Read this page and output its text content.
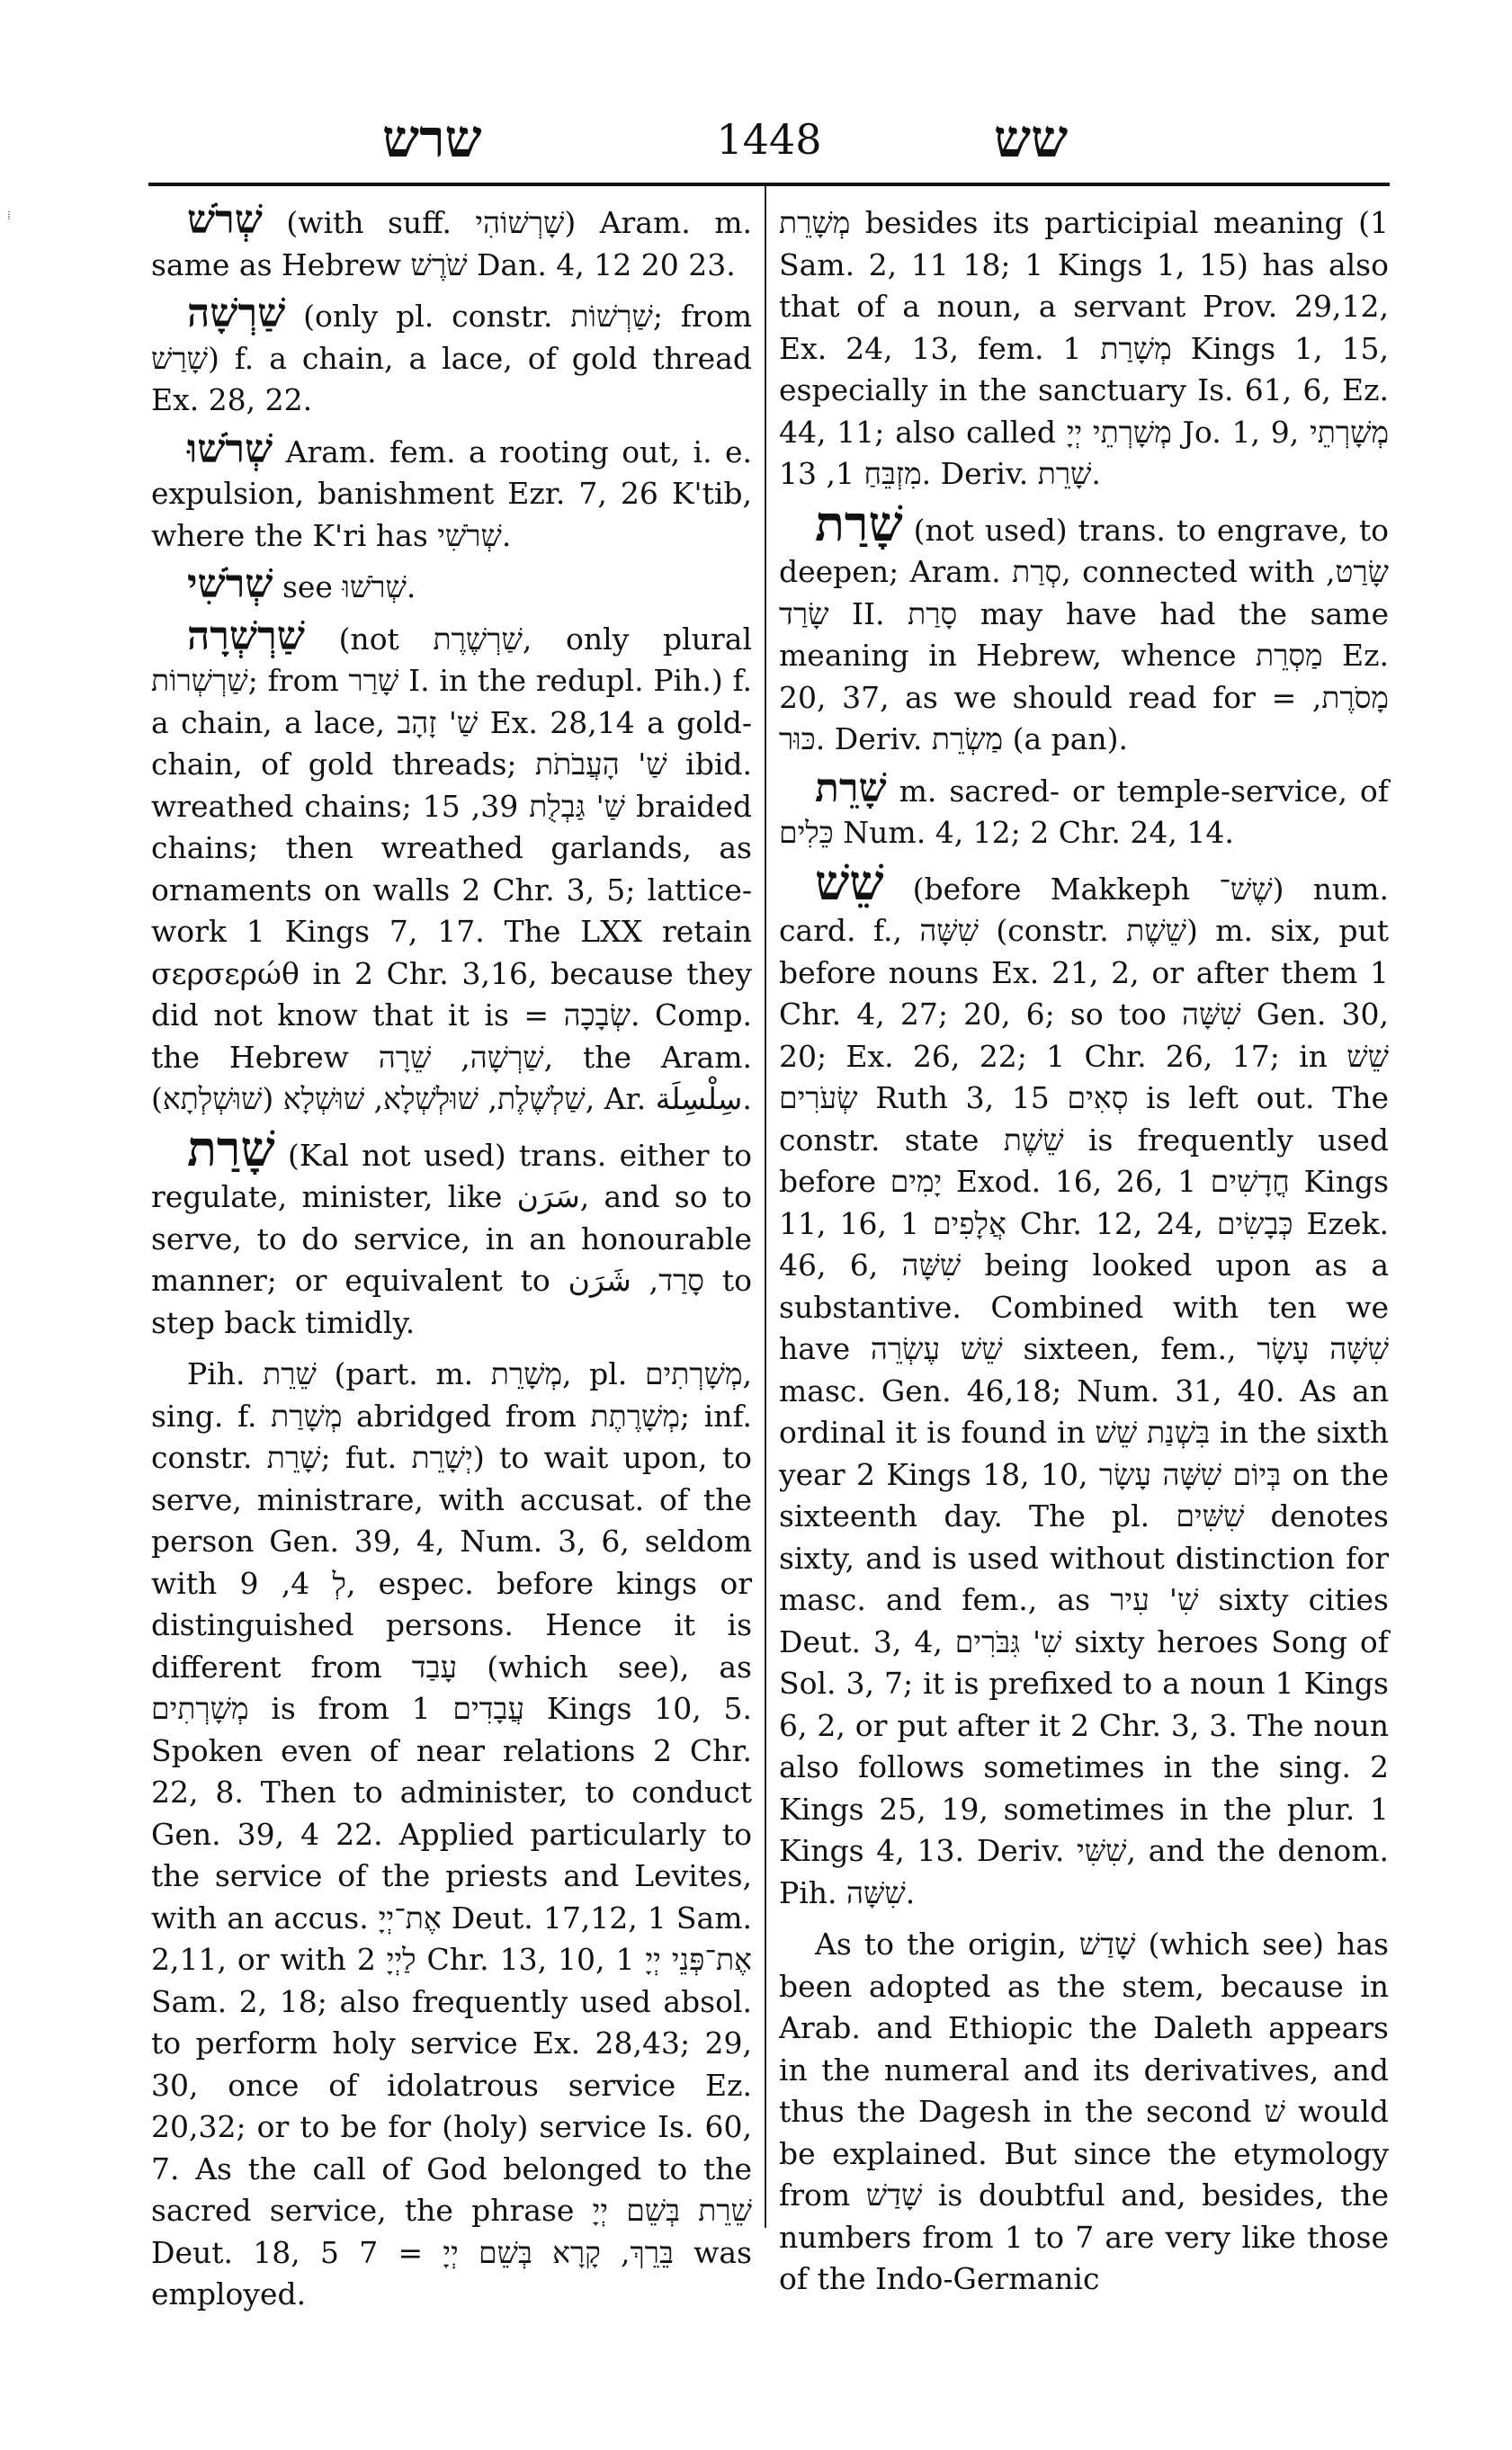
שרש	1448	שש
⁞	שְׁרֹשׁ (with suff. שָׁרְשׁוֹהִי) Aram. m. same as Hebrew שֹׁרֶשׁ Dan. 4, 12 20 23.

שַׁרְשָׁה (only pl. constr. שַׁרְשׁוֹת; from שָׁרַשׁ) f. a chain, a lace, of gold thread Ex. 28, 22.

שְׁרֹשׁוּ Aram. fem. a rooting out, i. e. expulsion, banishment Ezr. 7, 26 K'tib, where the K'ri has שְׁרֹשִׁי.

שְׁרֹשִׁי see שְׁרֹשׁוּ.

שַׁרְשְׁרָה (not שַׁרְשֶׁרֶת, only plural שַׁרְשְׁרוֹת; from שָׁרַר I. in the redupl. Pih.) f. a chain, a lace, שַׁ' זָהָב Ex. 28,14 a gold-chain, of gold threads; שַׁ' הָעֲבֹתֹת ibid. wreathed chains; שַׁ' גַּבְלֻת 39, 15 braided chains; then wreathed garlands, as ornaments on walls 2 Chr. 3, 5; lattice-work 1 Kings 7, 17. The LXX retain σερσερώθ in 2 Chr. 3,16, because they did not know that it is = שְׂבָכָה. Comp. the Hebrew שַׁרְשָׁה, שֵׁרָה, the Aram. שַׁלְשֶׁלֶת, שׁוּלְשְׁלָא, שׁוּשְׁלָא (שׁוּשְׁלְתָא), Ar. سِلْسِلَة.

שָׁרַת (Kal not used) trans. either to regulate, minister, like سَرَن, and so to serve, to do service, in an honourable manner; or equivalent to סָרַד, شَرَن to step back timidly.

Pih. שֵׁרֵת (part. m. מְשָׁרֵת, pl. מְשָׁרְתִים, sing. f. מְשָׁרַת abridged from מְשָׁרֶתֶת; inf. constr. שָׁרֵת; fut. יְשָׁרֵת) to wait upon, to serve, ministrare, with accusat. of the person Gen. 39, 4, Num. 3, 6, seldom with לְ 4, 9, espec. before kings or distinguished persons. Hence it is different from עָבַד (which see), as מְשָׁרְתִים is from עֲבָדִים 1 Kings 10, 5. Spoken even of near relations 2 Chr. 22, 8. Then to administer, to conduct Gen. 39, 4 22. Applied particularly to the service of the priests and Levites, with an accus. אֶת־יְיָ Deut. 17,12, 1 Sam. 2,11, or with לַיְיָ 2 Chr. 13, 10, אֶת־פְּנֵי יְיָ 1 Sam. 2, 18; also frequently used absol. to perform holy service Ex. 28,43; 29, 30, once of idolatrous service Ez. 20,32; or to be for (holy) service Is. 60, 7. As the call of God belonged to the sacred service, the phrase שֵׁרֵת בְּשֵׁם יְיָ Deut. 18, 5 7 = בֵּרֵךְ, קָרָא בְּשֵׁם יְיָ was employed.

מְשָׁרֵת besides its participial meaning (1 Sam. 2, 11 18; 1 Kings 1, 15) has also that of a noun, a servant Prov. 29,12, Ex. 24, 13, fem. מְשָׁרַת 1 Kings 1, 15, especially in the sanctuary Is. 61, 6, Ez. 44, 11; also called מְשָׁרְתֵי יְיָ Jo. 1, 9, מְשָׁרְתֵי מִזְבֵּחַ 1, 13. Deriv. שָׁרֵת.

שָׁרַת (not used) trans. to engrave, to deepen; Aram. סְרַת, connected with שָׂרַט, שָׂרַד II. סָרַת may have had the same meaning in Hebrew, whence מַסְרֵת Ez. 20, 37, as we should read for מָסֹרֶת, = כּוּר. Deriv. מַשְׂרֵת (a pan).

שָׁרֵת m. sacred- or temple-service, of כֵּלִים Num. 4, 12; 2 Chr. 24, 14.

שֵׁשׁ (before Makkeph שֶׁשׁ־) num. card. f., שִׁשָּׁה (constr. שֵׁשֶׁת) m. six, put before nouns Ex. 21, 2, or after them 1 Chr. 4, 27; 20, 6; so too שִׁשָּׁה Gen. 30, 20; Ex. 26, 22; 1 Chr. 26, 17; in שֵׁשׁ שְׂעֹרִים Ruth 3, 15 סְאִים is left out. The constr. state שֵׁשֶׁת is frequently used before יָמִים Exod. 16, 26, חֳדָשִׁים 1 Kings 11, 16, אֲלָפִים 1 Chr. 12, 24, כְּבָשִׂים Ezek. 46, 6, שִׁשָּׁה being looked upon as a substantive. Combined with ten we have שֵׁשׁ עֶשְׂרֵה sixteen, fem., שִׁשָּׁה עָשָׂר masc. Gen. 46,18; Num. 31, 40. As an ordinal it is found in בִּשְׁנַת שֵׁשׁ in the sixth year 2 Kings 18, 10, בְּיוֹם שִׁשָּׁה עָשָׂר on the sixteenth day. The pl. שִׁשִּׁים denotes sixty, and is used without distinction for masc. and fem., as שִׁ' עִיר sixty cities Deut. 3, 4, שִׁ' גִּבֹּרִים sixty heroes Song of Sol. 3, 7; it is prefixed to a noun 1 Kings 6, 2, or put after it 2 Chr. 3, 3. The noun also follows sometimes in the sing. 2 Kings 25, 19, sometimes in the plur. 1 Kings 4, 13. Deriv. שִׁשִּׁי, and the denom. Pih. שִׁשָּׁה.

As to the origin, שָׁדַשׁ (which see) has been adopted as the stem, because in Arab. and Ethiopic the Daleth appears in the numeral and its derivatives, and thus the Dagesh in the second שׁ would be explained. But since the etymology from שָׁדַשׁ is doubtful and, besides, the numbers from 1 to 7 are very like those of the Indo-Germanic
